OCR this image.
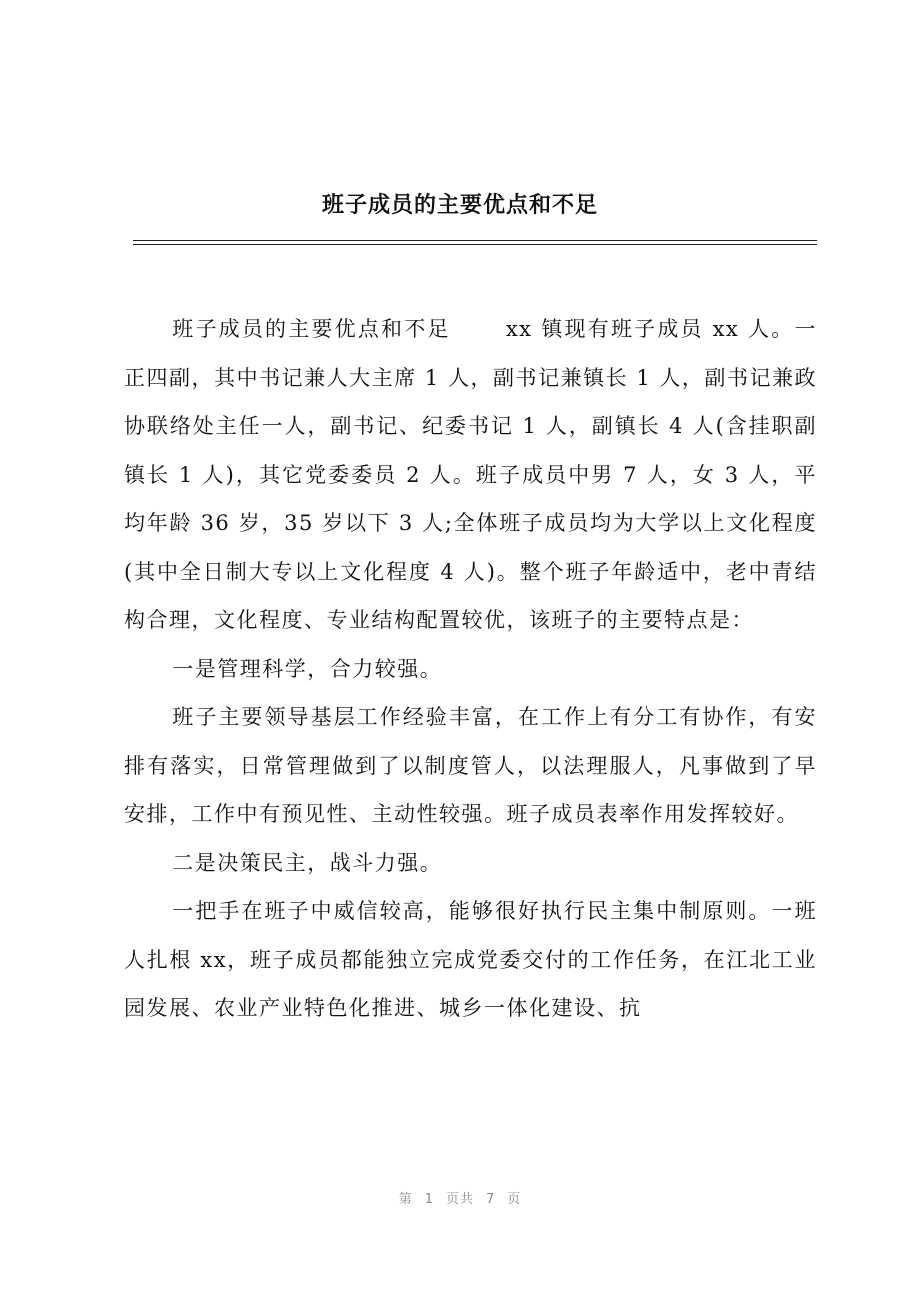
班子成员的主要优点和不足

班子成员的主要优点和不足　　 xx 镇现有班子成员 xx 人。一正四副，其中书记兼人大主席 1 人，副书记兼镇长 1 人，副书记兼政协联络处主任一人，副书记、纪委书记 1 人，副镇长 4 人(含挂职副镇长 1 人)，其它党委委员 2 人。班子成员中男 7 人，女 3 人，平均年龄 36 岁，35 岁以下 3 人;全体班子成员均为大学以上文化程度(其中全日制大专以上文化程度 4 人)。整个班子年龄适中，老中青结构合理，文化程度、专业结构配置较优，该班子的主要特点是：

一是管理科学，合力较强。

班子主要领导基层工作经验丰富，在工作上有分工有协作，有安排有落实，日常管理做到了以制度管人，以法理服人，凡事做到了早安排，工作中有预见性、主动性较强。班子成员表率作用发挥较好。

二是决策民主，战斗力强。

一把手在班子中威信较高，能够很好执行民主集中制原则。一班人扎根 xx，班子成员都能独立完成党委交付的工作任务，在江北工业园发展、农业产业特色化推进、城乡一体化建设、抗

第 1 页共 7 页
